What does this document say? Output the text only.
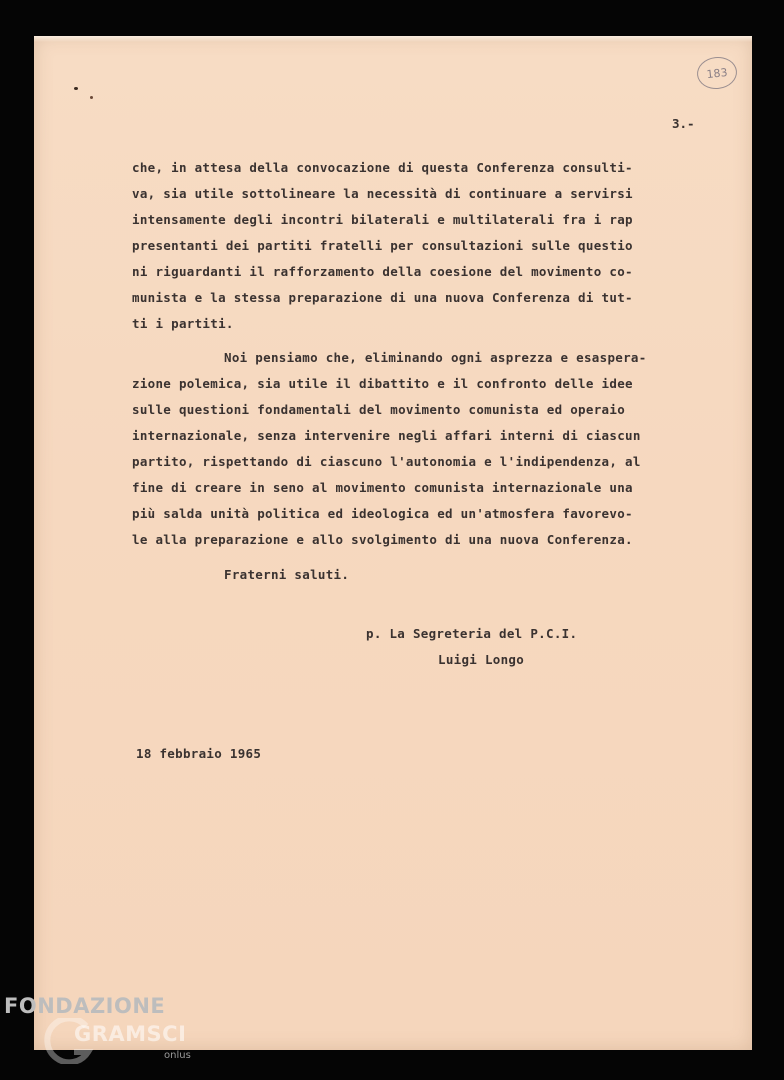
183
3.-
che, in attesa della convocazione di questa Conferenza consulti-
va, sia utile sottolineare la necessità di continuare a servirsi
intensamente degli incontri bilaterali e multilaterali fra i rap
presentanti dei partiti fratelli per consultazioni sulle questio
ni riguardanti il rafforzamento della coesione del movimento co-
munista e la stessa preparazione di una nuova Conferenza di tut-
ti i partiti.
Noi pensiamo che, eliminando ogni asprezza e esaspera-
zione polemica, sia utile il dibattito e il confronto delle idee
sulle questioni fondamentali del movimento comunista ed operaio
internazionale, senza intervenire negli affari interni di ciascun
partito, rispettando di ciascuno l'autonomia e l'indipendenza, al
fine di creare in seno al movimento comunista internazionale una
più salda unità politica ed ideologica ed un'atmosfera favorevo-
le alla preparazione e allo svolgimento di una nuova Conferenza.
Fraterni saluti.
p. La Segreteria del P.C.I.
Luigi Longo
18 febbraio 1965
FONDAZIONE
GRAMSCI
onlus
